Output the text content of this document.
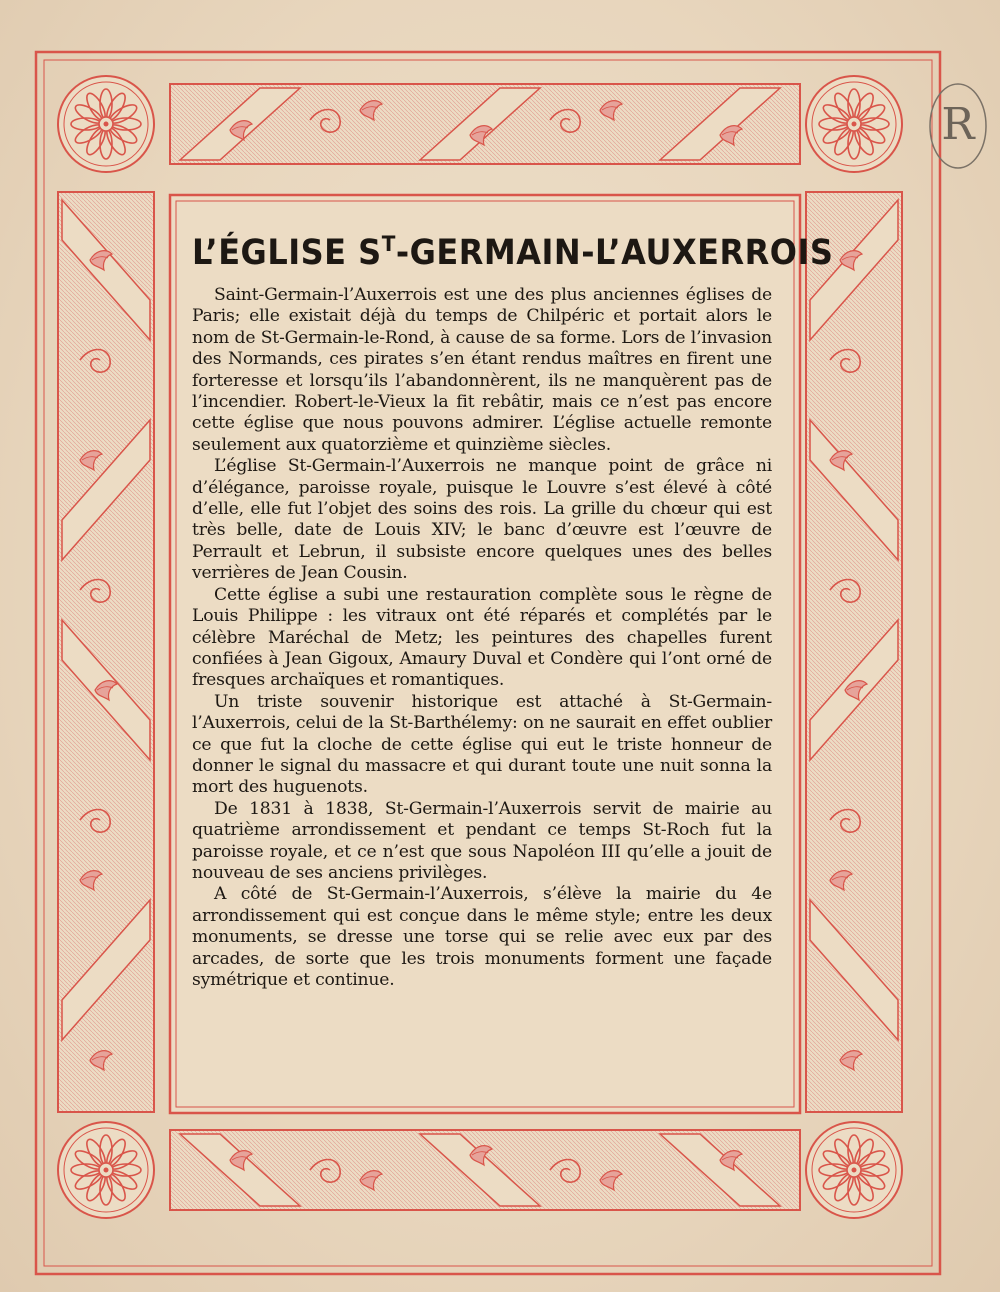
R
L’ÉGLISE $S^T-GERMAIN-L’AUXERROIS$

Saint-Germain-l’Auxerrois est une des plus anciennes églises de Paris; elle existait déjà du temps de Chilpéric et portait alors le nom de St-Germain-le-Rond, à cause de sa forme. Lors de l’invasion des Normands, ces pirates s’en étant rendus maîtres en firent une forteresse et lorsqu’ils l’abandonnèrent, ils ne manquèrent pas de l’incendier. Robert-le-Vieux la fit rebâtir, mais ce n’est pas encore cette église que nous pouvons admirer. L’église actuelle remonte seulement aux quatorzième et quinzième siècles.

L’église St-Germain-l’Auxerrois ne manque point de grâce ni d’élégance, paroisse royale, puisque le Louvre s’est élevé à côté d’elle, elle fut l’objet des soins des rois. La grille du chœur qui est très belle, date de Louis XIV; le banc d’œuvre est l’œuvre de Perrault et Lebrun, il subsiste encore quelques unes des belles verrières de Jean Cousin.

Cette église a subi une restauration complète sous le règne de Louis Philippe : les vitraux ont été réparés et complétés par le célèbre Maréchal de Metz; les peintures des chapelles furent confiées à Jean Gigoux, Amaury Duval et Condère qui l’ont orné de fresques archaïques et romantiques.

Un triste souvenir historique est attaché à St-Germain-l’Auxerrois, celui de la St-Barthélemy: on ne saurait en effet oublier ce que fut la cloche de cette église qui eut le triste honneur de donner le signal du massacre et qui durant toute une nuit sonna la mort des huguenots.

De 1831 à 1838, St-Germain-l’Auxerrois servit de mairie au quatrième arrondissement et pendant ce temps St-Roch fut la paroisse royale, et ce n’est que sous Napoléon III qu’elle a jouit de nouveau de ses anciens privilèges.

A côté de St-Germain-l’Auxerrois, s’élève la mairie du 4e arrondissement qui est conçue dans le même style; entre les deux monuments, se dresse une torse qui se relie avec eux par des arcades, de sorte que les trois monuments forment une façade symétrique et continue.
